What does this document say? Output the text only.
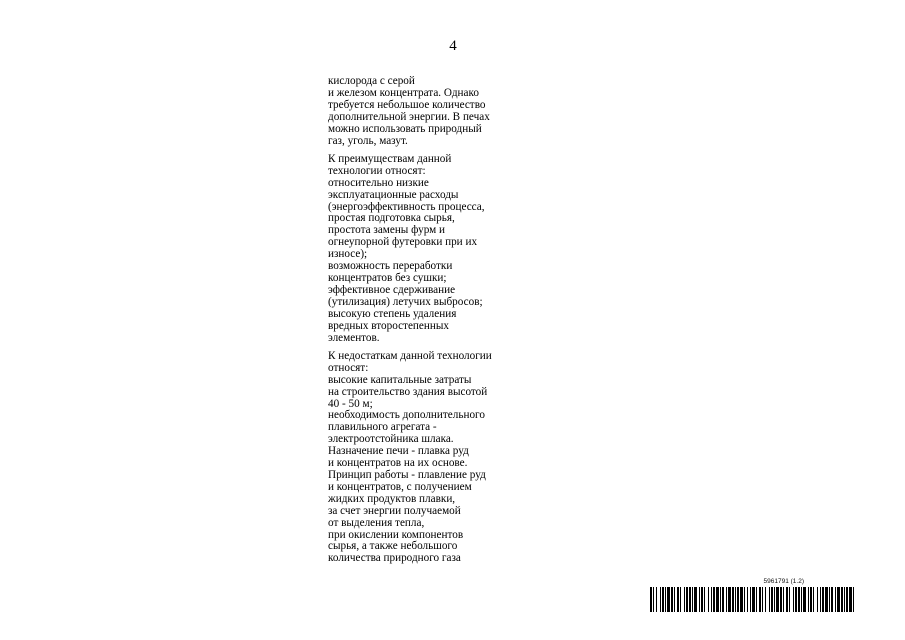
4
кислорода с серой
и железом концентрата. Однако
требуется небольшое количество
дополнительной энергии. В печах
можно использовать природный
газ, уголь, мазут.
К преимуществам данной
технологии относят:
относительно низкие
эксплуатационные расходы
(энергоэффективность процесса,
простая подготовка сырья,
простота замены фурм и
огнеупорной футеровки при их
износе);
возможность переработки
концентратов без сушки;
эффективное сдерживание
(утилизация) летучих выбросов;
высокую степень удаления
вредных второстепенных
элементов.
К недостаткам данной технологии
относят:
высокие капитальные затраты
на строительство здания высотой
40 - 50 м;
необходимость дополнительного
плавильного агрегата -
электроотстойника шлака.
Назначение печи - плавка руд
и концентратов на их основе.
Принцип работы - плавление руд
и концентратов, с получением
жидких продуктов плавки,
за счет энергии получаемой
от выделения тепла,
при окислении компонентов
сырья, а также небольшого
количества природного газа
5961791 (1.2)
